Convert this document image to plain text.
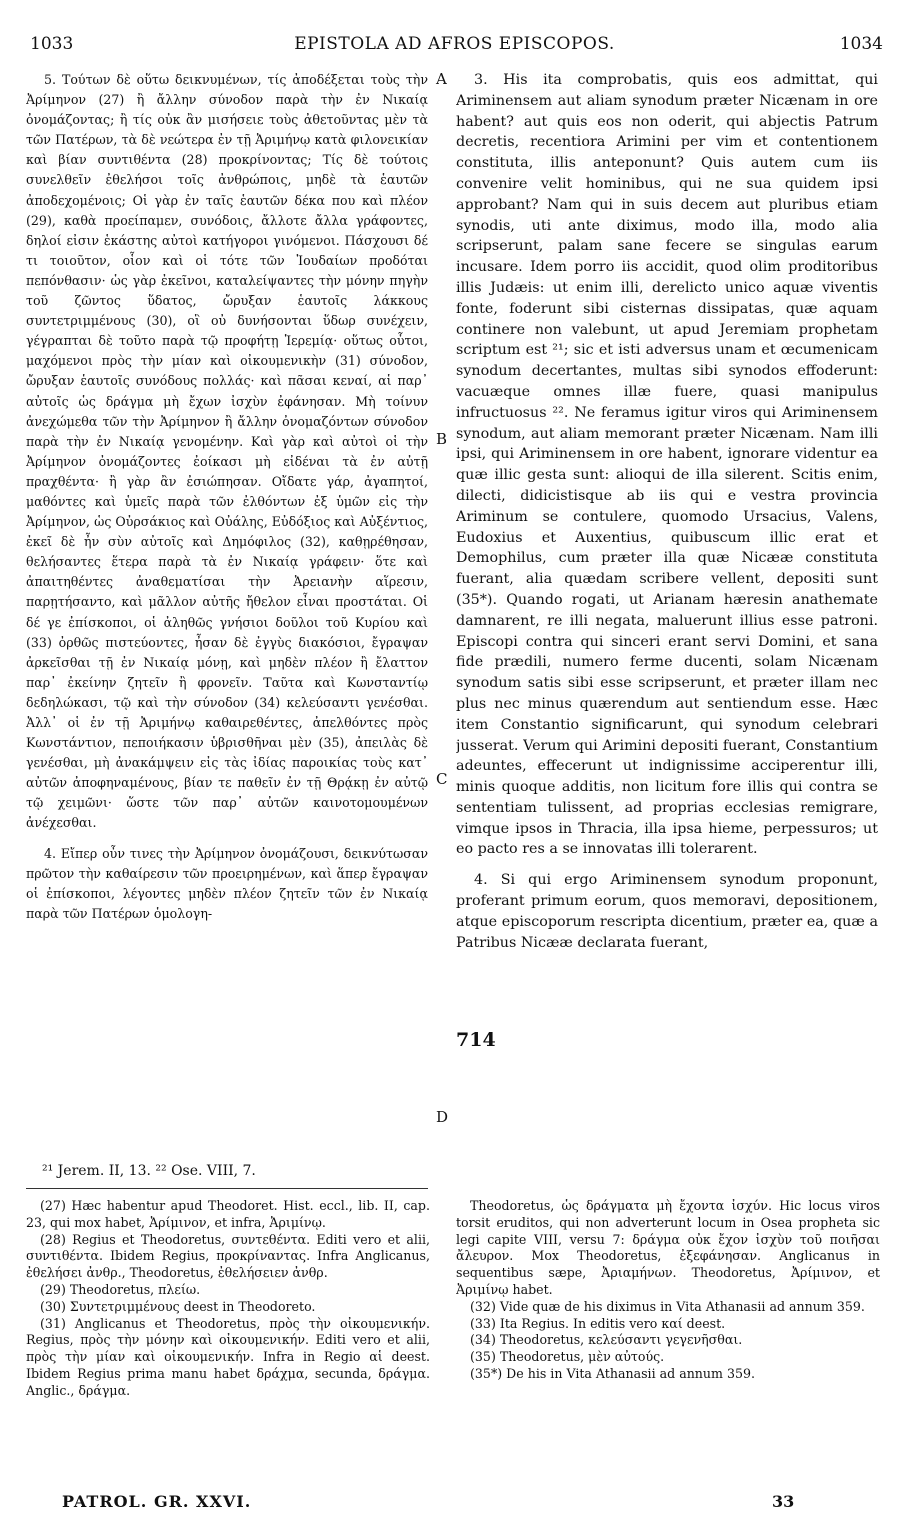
1033	EPISTOLA AD AFROS EPISCOPOS.	1034

5. Τούτων δὲ οὕτω δεικνυμένων, τίς ἀποδέξεται τοὺς τὴν Ἀρίμηνον (27) ἢ ἄλλην σύνοδον παρὰ τὴν ἐν Νικαίᾳ ὀνομάζοντας; ἢ τίς οὐκ ἂν μισήσειε τοὺς ἀθετοῦντας μὲν τὰ τῶν Πατέρων, τὰ δὲ νεώτερα ἐν τῇ Ἀριμήνῳ κατὰ φιλονεικίαν καὶ βίαν συντιθέντα (28) προκρίνοντας; Τίς δὲ τούτοις συνελθεῖν ἐθελήσοι τοῖς ἀνθρώποις, μηδὲ τὰ ἑαυτῶν ἀποδεχομένοις; Οἱ γὰρ ἐν ταῖς ἑαυτῶν δέκα που καὶ πλέον (29), καθὰ προείπαμεν, συνόδοις, ἄλλοτε ἄλλα γράφοντες, δηλοί εἰσιν ἑκάστης αὐτοὶ κατήγοροι γινόμενοι. Πάσχουσι δέ τι τοιοῦτον, οἷον καὶ οἱ τότε τῶν Ἰουδαίων προδόται πεπόνθασιν· ὡς γὰρ ἐκεῖνοι, καταλείψαντες τὴν μόνην πηγὴν τοῦ ζῶντος ὕδατος, ὤρυξαν ἑαυτοῖς λάκκους συντετριμμένους (30), οἳ οὐ δυνήσονται ὕδωρ συνέχειν, γέγραπται δὲ τοῦτο παρὰ τῷ προφήτῃ Ἱερεμίᾳ· οὕτως οὗτοι, μαχόμενοι πρὸς τὴν μίαν καὶ οἰκουμενικὴν (31) σύνοδον, ὤρυξαν ἑαυτοῖς συνόδους πολλάς· καὶ πᾶσαι κεναί, αἱ παρ᾽ αὐτοῖς ὡς δράγμα μὴ ἔχων ἰσχὺν ἐφάνησαν. Μὴ τοίνυν ἀνεχώμεθα τῶν τὴν Ἀρίμηνον ἢ ἄλλην ὀνομαζόντων σύνοδον παρὰ τὴν ἐν Νικαίᾳ γενομένην. Καὶ γὰρ καὶ αὐτοὶ οἱ τὴν Ἀρίμηνον ὀνομάζοντες ἐοίκασι μὴ εἰδέναι τὰ ἐν αὐτῇ πραχθέντα· ἢ γὰρ ἂν ἐσιώπησαν. Οἴδατε γάρ, ἀγαπητοί, μαθόντες καὶ ὑμεῖς παρὰ τῶν ἐλθόντων ἐξ ὑμῶν εἰς τὴν Ἀρίμηνον, ὡς Οὐρσάκιος καὶ Οὐάλης, Εὐδόξιος καὶ Αὐξέντιος, ἐκεῖ δὲ ἦν σὺν αὐτοῖς καὶ Δημόφιλος (32), καθῃρέθησαν, θελήσαντες ἕτερα παρὰ τὰ ἐν Νικαίᾳ γράφειν· ὅτε καὶ ἀπαιτηθέντες ἀναθεματίσαι τὴν Ἀρειανὴν αἵρεσιν, παρῃτήσαντο, καὶ μᾶλλον αὐτῆς ἤθελον εἶναι προστάται. Οἱ δέ γε ἐπίσκοποι, οἱ ἀληθῶς γνήσιοι δοῦλοι τοῦ Κυρίου καὶ (33) ὀρθῶς πιστεύοντες, ἦσαν δὲ ἐγγὺς διακόσιοι, ἔγραψαν ἀρκεῖσθαι τῇ ἐν Νικαίᾳ μόνῃ, καὶ μηδὲν πλέον ἢ ἔλαττον παρ᾽ ἐκείνην ζητεῖν ἢ φρονεῖν. Ταῦτα καὶ Κωνσταντίῳ δεδηλώκασι, τῷ καὶ τὴν σύνοδον (34) κελεύσαντι γενέσθαι. Ἀλλ᾽ οἱ ἐν τῇ Ἀριμήνῳ καθαιρεθέντες, ἀπελθόντες πρὸς Κωνστάντιον, πεποιήκασιν ὑβρισθῆναι μὲν (35), ἀπειλὰς δὲ γενέσθαι, μὴ ἀνακάμψειν εἰς τὰς ἰδίας παροικίας τοὺς κατ᾽ αὐτῶν ἀποφηναμένους, βίαν τε παθεῖν ἐν τῇ Θρᾴκῃ ἐν αὐτῷ τῷ χειμῶνι· ὥστε τῶν παρ᾽ αὐτῶν καινοτομουμένων ἀνέχεσθαι.

4. Εἴπερ οὖν τινες τὴν Ἀρίμηνον ὀνομάζουσι, δεικνύτωσαν πρῶτον τὴν καθαίρεσιν τῶν προειρημένων, καὶ ἅπερ ἔγραψαν οἱ ἐπίσκοποι, λέγοντες μηδὲν πλέον ζητεῖν τῶν ἐν Νικαίᾳ παρὰ τῶν Πατέρων ὁμολογη-

A
B
C
D

3. His ita comprobatis, quis eos admittat, qui Ariminensem aut aliam synodum præter Nicænam in ore habent? aut quis eos non oderit, qui abjectis Patrum decretis, recentiora Arimini per vim et contentionem constituta, illis anteponunt? Quis autem cum iis convenire velit hominibus, qui ne sua quidem ipsi approbant? Nam qui in suis decem aut pluribus etiam synodis, uti ante diximus, modo illa, modo alia scripserunt, palam sane fecere se singulas earum incusare. Idem porro iis accidit, quod olim proditoribus illis Judæis: ut enim illi, derelicto unico aquæ viventis fonte, foderunt sibi cisternas dissipatas, quæ aquam continere non valebunt, ut apud Jeremiam prophetam scriptum est ²¹; sic et isti adversus unam et œcumenicam synodum decertantes, multas sibi synodos effoderunt: vacuæque omnes illæ fuere, quasi manipulus infructuosus ²². Ne feramus igitur viros qui Ariminensem synodum, aut aliam memorant præter Nicænam. Nam illi ipsi, qui Ariminensem in ore habent, ignorare videntur ea quæ illic gesta sunt: alioqui de illa silerent. Scitis enim, dilecti, didicistisque ab iis qui e vestra provincia Ariminum se contulere, quomodo Ursacius, Valens, Eudoxius et Auxentius, quibuscum illic erat et Demophilus, cum præter illa quæ Nicææ constituta fuerant, alia quædam scribere vellent, depositi sunt (35*). Quando rogati, ut Arianam hæresin anathemate damnarent, re illi negata, maluerunt illius esse patroni. Episcopi contra qui sinceri erant servi Domini, et sana fide prædili, numero ferme ducenti, solam Nicænam synodum satis sibi esse scripserunt, et præter illam nec plus nec minus quærendum aut sentiendum esse. Hæc item Constantio significarunt, qui synodum celebrari jusserat. Verum qui Arimini depositi fuerant, Constantium adeuntes, effecerunt ut indignissime acciperentur illi, minis quoque additis, non licitum fore illis qui contra se sententiam tulissent, ad proprias ecclesias remigrare, vimque ipsos in Thracia, illa ipsa hieme, perpessuros; ut eo pacto res a se innovatas illi tolerarent.

4. Si qui ergo Ariminensem synodum proponunt, proferant primum eorum, quos memoravi, depositionem, atque episcoporum rescripta dicentium, præter ea, quæ a Patribus Nicææ declarata fuerant,

714
²¹ Jerem. II, 13. ²² Ose. VIII, 7.

(27) Hæc habentur apud Theodoret. Hist. eccl., lib. II, cap. 23, qui mox habet, Ἀρίμινον, et infra, Ἀριμίνῳ.

(28) Regius et Theodoretus, συντεθέντα. Editi vero et alii, συντιθέντα. Ibidem Regius, προκρίναντας. Infra Anglicanus, ἐθελήσει ἀνθρ., Theodoretus, ἐθελήσειεν ἀνθρ.

(29) Theodoretus, πλείω.

(30) Συντετριμμένους deest in Theodoreto.

(31) Anglicanus et Theodoretus, πρὸς τὴν οἰκουμενικήν. Regius, πρὸς τὴν μόνην καὶ οἰκουμενικήν. Editi vero et alii, πρὸς τὴν μίαν καὶ οἰκουμενικήν. Infra in Regio αἱ deest. Ibidem Regius prima manu habet δράχμα, secunda, δράγμα. Anglic., δράγμα.

Theodoretus, ὡς δράγματα μὴ ἔχοντα ἰσχύν. Hic locus viros torsit eruditos, qui non adverterunt locum in Osea propheta sic legi capite VIII, versu 7: δράγμα οὐκ ἔχον ἰσχὺν τοῦ ποιῆσαι ἄλευρον. Mox Theodoretus, ἐξεφάνησαν. Anglicanus in sequentibus sæpe, Ἀριαμήνων. Theodoretus, Ἀρίμινον, et Ἀριμίνῳ habet.

(32) Vide quæ de his diximus in Vita Athanasii ad annum 359.

(33) Ita Regius. In editis vero καί deest.

(34) Theodoretus, κελεύσαντι γεγενῆσθαι.

(35) Theodoretus, μὲν αὐτούς.

(35*) De his in Vita Athanasii ad annum 359.

PATROL. GR. XXVI.	33
